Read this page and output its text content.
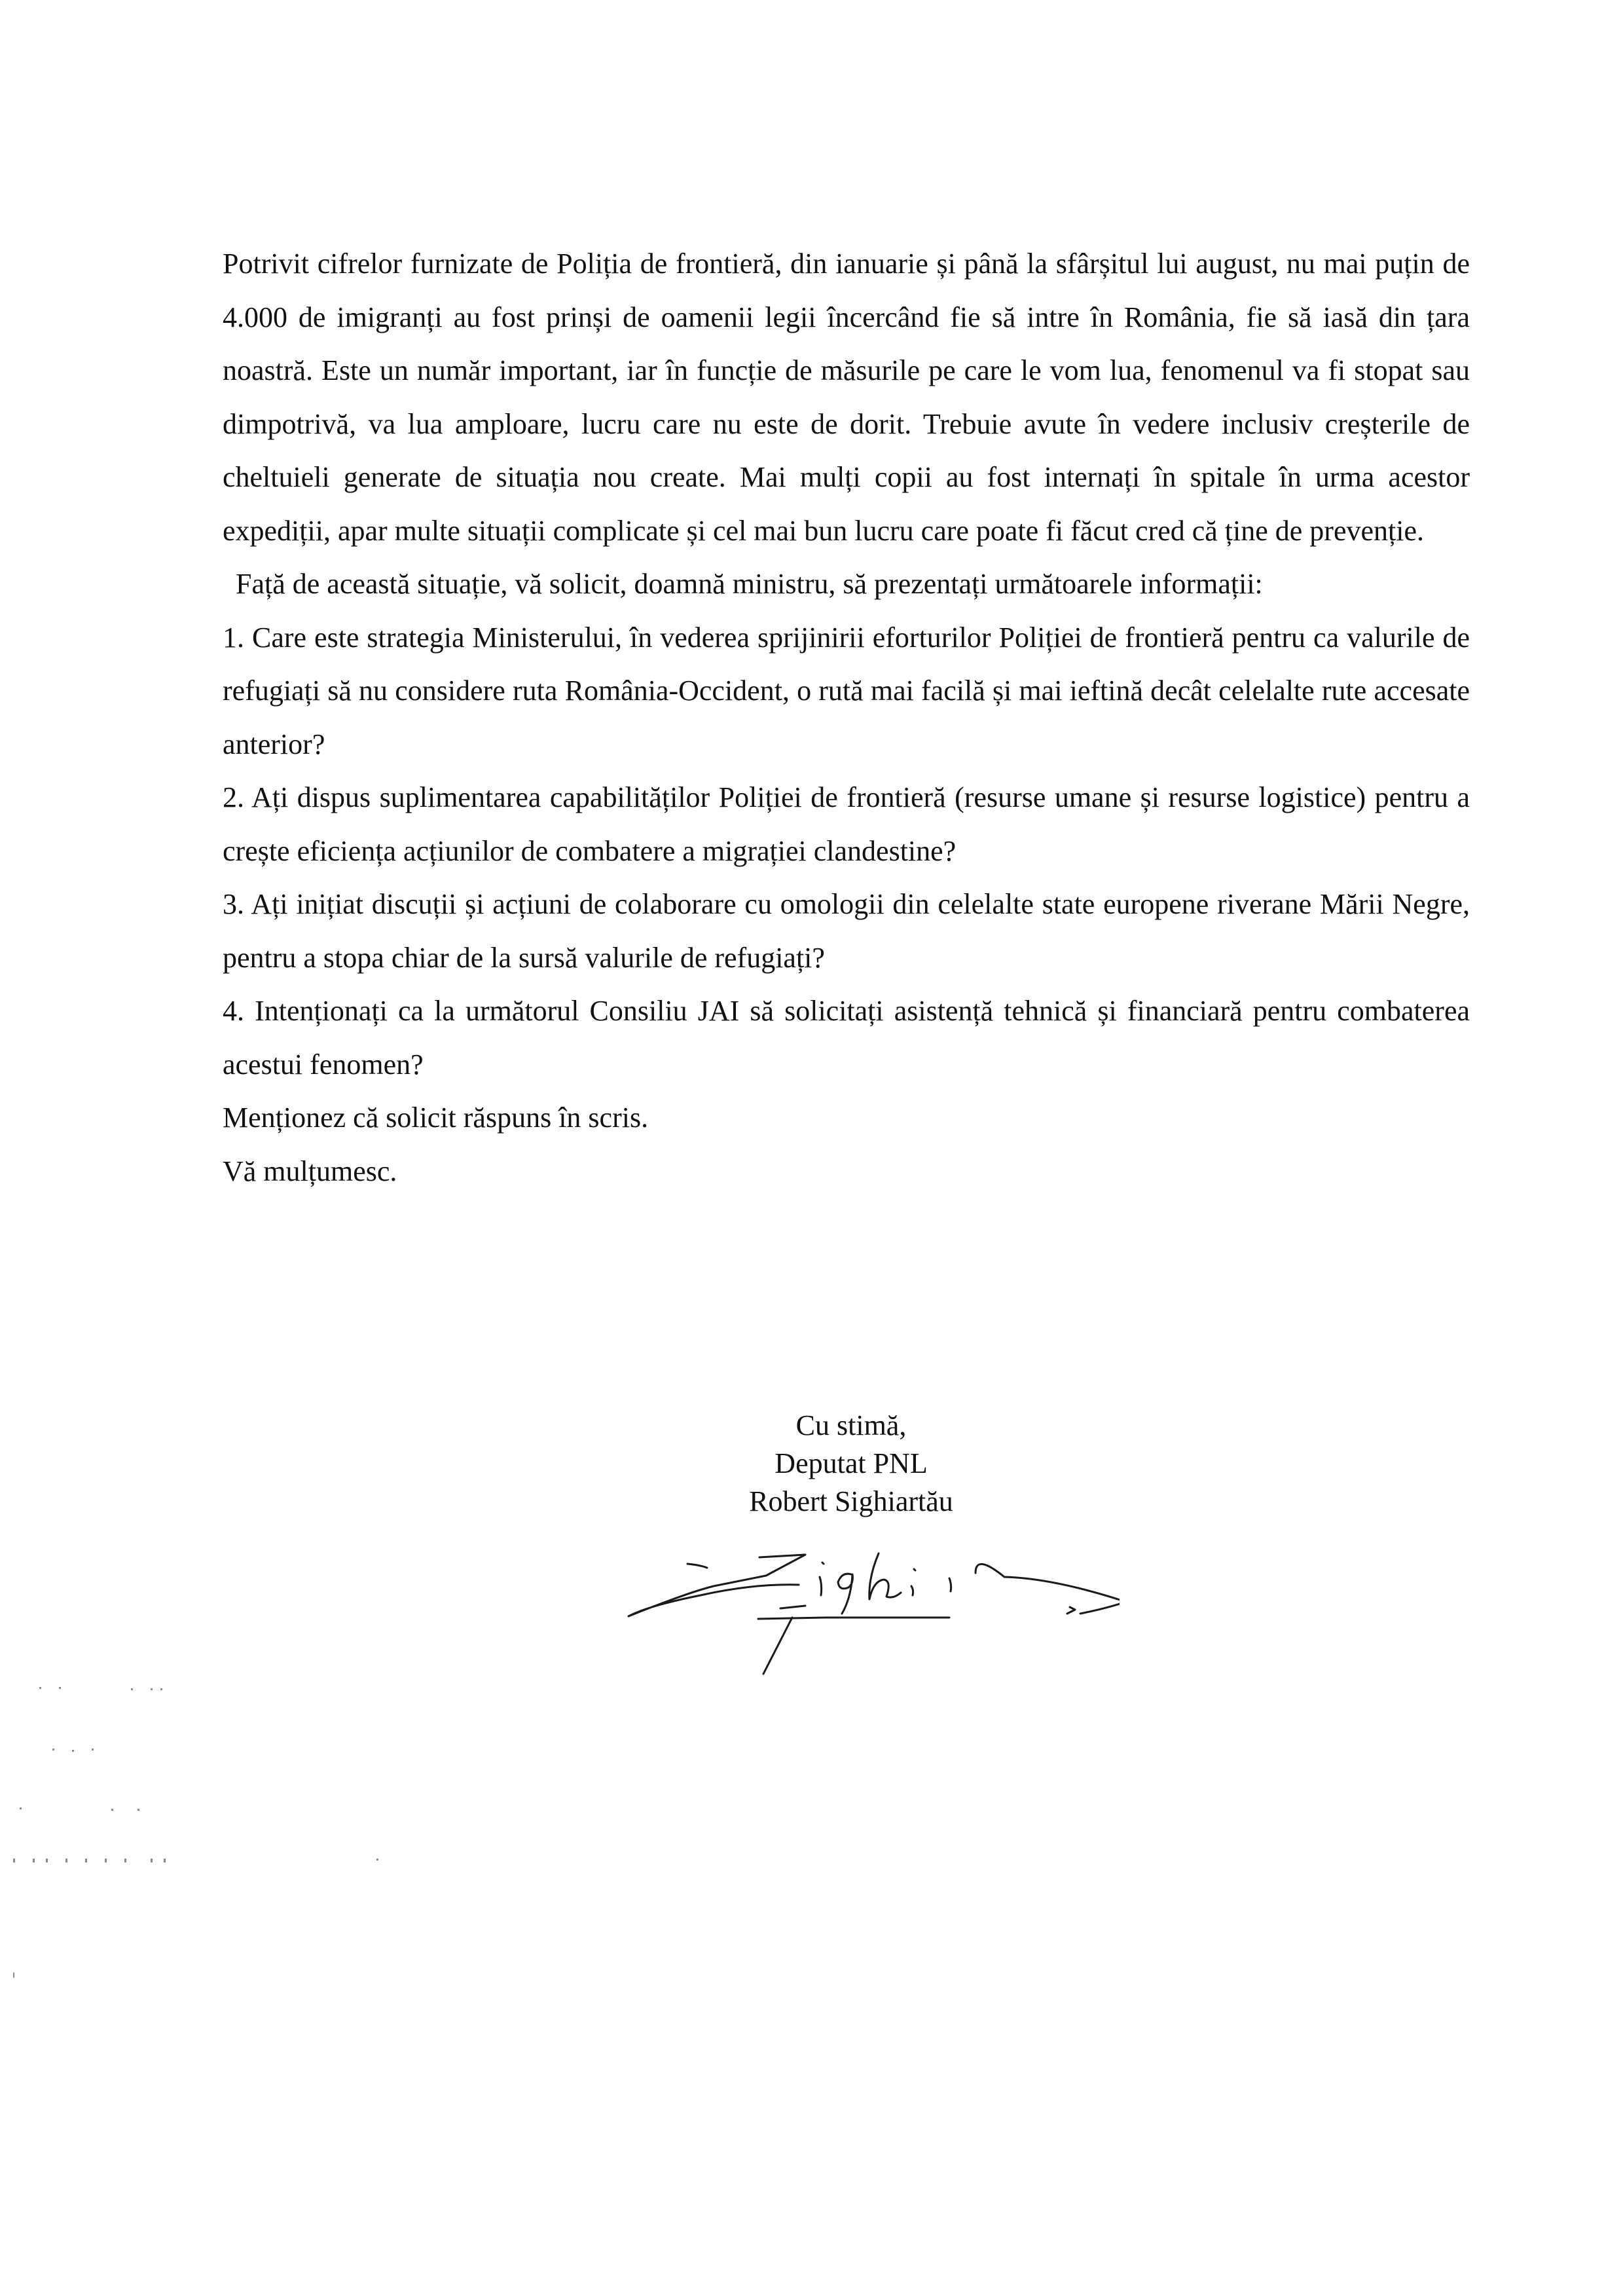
Potrivit cifrelor furnizate de Poliția de frontieră, din ianuarie și până la sfârșitul lui august, nu mai puțin de 4.000 de imigranți au fost prinși de oamenii legii încercând fie să intre în România, fie să iasă din țara noastră. Este un număr important, iar în funcție de măsurile pe care le vom lua, fenomenul va fi stopat sau dimpotrivă, va lua amploare, lucru care nu este de dorit. Trebuie avute în vedere inclusiv creșterile de cheltuieli generate de situația nou create. Mai mulți copii au fost internați în spitale în urma acestor expediții, apar multe situații complicate și cel mai bun lucru care poate fi făcut cred că ține de prevenție.

Față de această situație, vă solicit, doamnă ministru, să prezentați următoarele informații:

1. Care este strategia Ministerului, în vederea sprijinirii eforturilor Poliției de frontieră pentru ca valurile de refugiați să nu considere ruta România-Occident, o rută mai facilă și mai ieftină decât celelalte rute accesate anterior?

2. Ați dispus suplimentarea capabilităților Poliției de frontieră (resurse umane și resurse logistice) pentru a crește eficiența acțiunilor de combatere a migrației clandestine?

3. Ați inițiat discuții și acțiuni de colaborare cu omologii din celelalte state europene riverane Mării Negre, pentru a stopa chiar de la sursă valurile de refugiați?

4. Intenționați ca la următorul Consiliu JAI să solicitați asistență tehnică și financiară pentru combaterea acestui fenomen?

Menționez că solicit răspuns în scris.

Vă mulțumesc.

Cu stimă,
Deputat PNL
Robert Sighiartău
